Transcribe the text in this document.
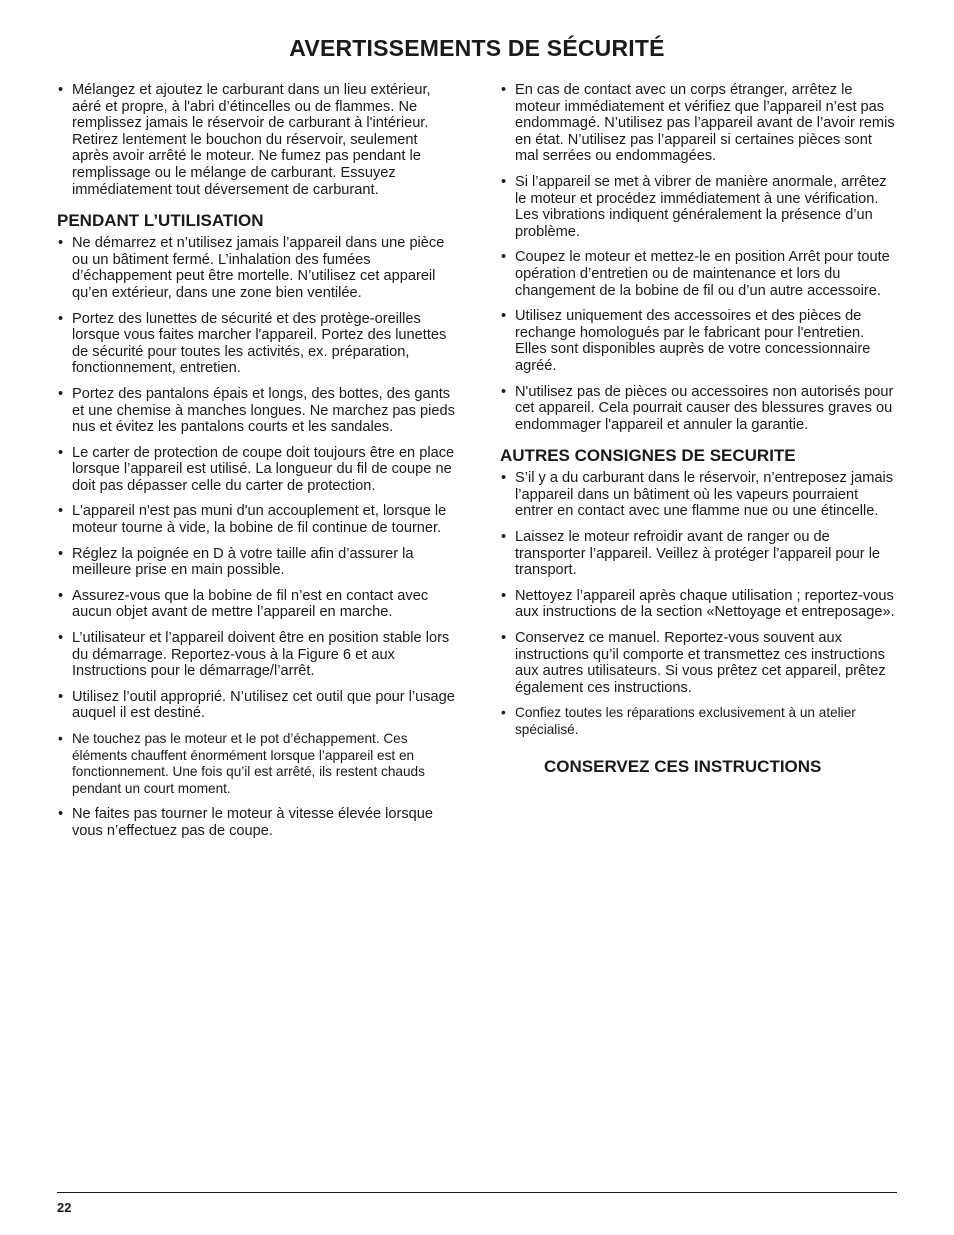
AVERTISSEMENTS DE SÉCURITÉ
• Mélangez et ajoutez le carburant dans un lieu extérieur, aéré et propre, à l'abri d’étincelles ou de flammes. Ne remplissez jamais le réservoir de carburant à l'intérieur. Retirez lentement le bouchon du réservoir, seulement après avoir arrêté le moteur. Ne fumez pas pendant le remplissage ou le mélange de carburant. Essuyez immédiatement tout déversement de carburant.
PENDANT L’UTILISATION
• Ne démarrez et n’utilisez jamais l’appareil dans une pièce ou un bâtiment fermé. L’inhalation des fumées d’échappement peut être mortelle. N’utilisez cet appareil qu’en extérieur, dans une zone bien ventilée.
• Portez des lunettes de sécurité et des protège-oreilles lorsque vous faites marcher l'appareil. Portez des lunettes de sécurité pour toutes les activités, ex. préparation, fonctionnement, entretien.
• Portez des pantalons épais et longs, des bottes, des gants et une chemise à manches longues. Ne marchez pas pieds nus et évitez les pantalons courts et les sandales.
• Le carter de protection de coupe doit toujours être en place lorsque l’appareil est utilisé. La longueur du fil de coupe ne doit pas dépasser celle du carter de protection.
• L'appareil n'est pas muni d'un accouplement et, lorsque le moteur tourne à vide, la bobine de fil continue de tourner.
• Réglez la poignée en D à votre taille afin d’assurer la meilleure prise en main possible.
• Assurez-vous que la bobine de fil n’est en contact avec aucun objet avant de mettre l’appareil en marche.
• L’utilisateur et l’appareil doivent être en position stable lors du démarrage. Reportez-vous à la Figure 6 et aux Instructions pour le démarrage/l’arrêt.
• Utilisez l’outil approprié. N’utilisez cet outil que pour l’usage auquel il est destiné.
• Ne touchez pas le moteur et le pot d’échappement. Ces éléments chauffent énormément lorsque l’appareil est en fonctionnement. Une fois qu’il est arrêté, ils restent chauds pendant un court moment.
• Ne faites pas tourner le moteur à vitesse élevée lorsque vous n’effectuez pas de coupe.
• En cas de contact avec un corps étranger, arrêtez le moteur immédiatement et vérifiez que l’appareil n’est pas endommagé. N’utilisez pas l’appareil avant de l’avoir remis en état. N’utilisez pas l’appareil si certaines pièces sont mal serrées ou endommagées.
• Si l’appareil se met à vibrer de manière anormale, arrêtez le moteur et procédez immédiatement à une vérification. Les vibrations indiquent généralement la présence d’un problème.
• Coupez le moteur et mettez-le en position Arrêt pour toute opération d’entretien ou de maintenance et lors du changement de la bobine de fil ou d’un autre accessoire.
• Utilisez uniquement des accessoires et des pièces de rechange homologués par le fabricant pour l'entretien. Elles sont disponibles auprès de votre concessionnaire agréé.
• N'utilisez pas de pièces ou accessoires non autorisés pour cet appareil. Cela pourrait causer des blessures graves ou endommager l'appareil et annuler la garantie.
AUTRES CONSIGNES DE SECURITE
• S’il y a du carburant dans le réservoir, n’entreposez jamais l’appareil dans un bâtiment où les vapeurs pourraient entrer en contact avec une flamme nue ou une étincelle.
• Laissez le moteur refroidir avant de ranger ou de transporter l’appareil. Veillez à protéger l’appareil pour le transport.
• Nettoyez l’appareil après chaque utilisation ; reportez-vous aux instructions de la section «Nettoyage et entreposage».
• Conservez ce manuel. Reportez-vous souvent aux instructions qu’il comporte et transmettez ces instructions aux autres utilisateurs. Si vous prêtez cet appareil, prêtez également ces instructions.
• Confiez toutes les réparations exclusivement à un atelier spécialisé.
CONSERVEZ CES INSTRUCTIONS
22
